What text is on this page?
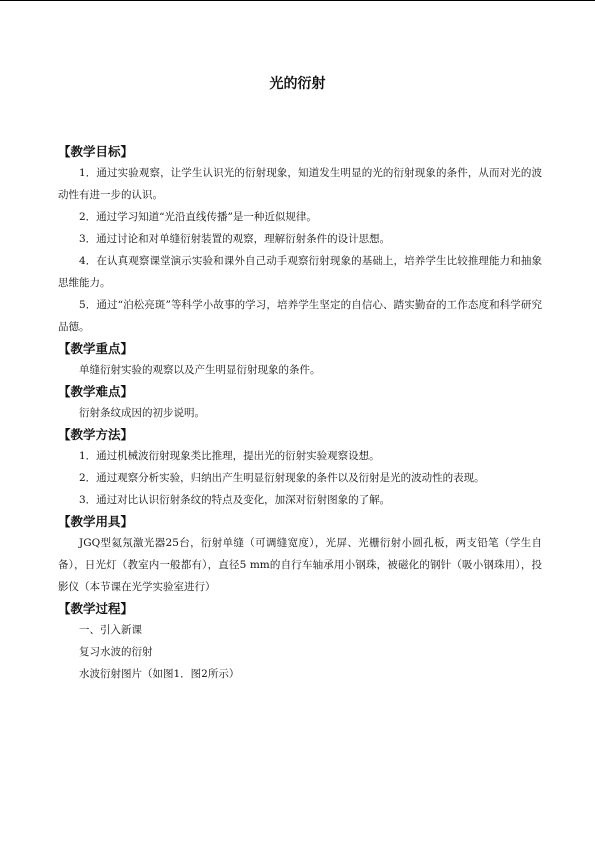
光的衍射
【教学目标】

1．通过实验观察，让学生认识光的衍射现象，知道发生明显的光的衍射现象的条件，从而对光的波动性有进一步的认识。

2．通过学习知道“光沿直线传播”是一种近似规律。

3．通过讨论和对单缝衍射装置的观察，理解衍射条件的设计思想。

4．在认真观察课堂演示实验和课外自己动手观察衍射现象的基础上，培养学生比较推理能力和抽象思维能力。

5．通过“泊松亮斑”等科学小故事的学习，培养学生坚定的自信心、踏实勤奋的工作态度和科学研究品德。

【教学重点】

单缝衍射实验的观察以及产生明显衍射现象的条件。

【教学难点】

衍射条纹成因的初步说明。

【教学方法】

1．通过机械波衍射现象类比推理，提出光的衍射实验观察设想。

2．通过观察分析实验，归纳出产生明显衍射现象的条件以及衍射是光的波动性的表现。

3．通过对比认识衍射条纹的特点及变化，加深对衍射图象的了解。

【教学用具】

JGQ型氦氖激光器25台，衍射单缝（可调缝宽度），光屏、光栅衍射小圆孔板，两支铅笔（学生自备），日光灯（教室内一般都有），直径5 mm的自行车轴承用小钢珠，被磁化的钢针（吸小钢珠用），投影仪（本节课在光学实验室进行）

【教学过程】

一、引入新课

复习水波的衍射

水波衍射图片（如图1．图2所示）
